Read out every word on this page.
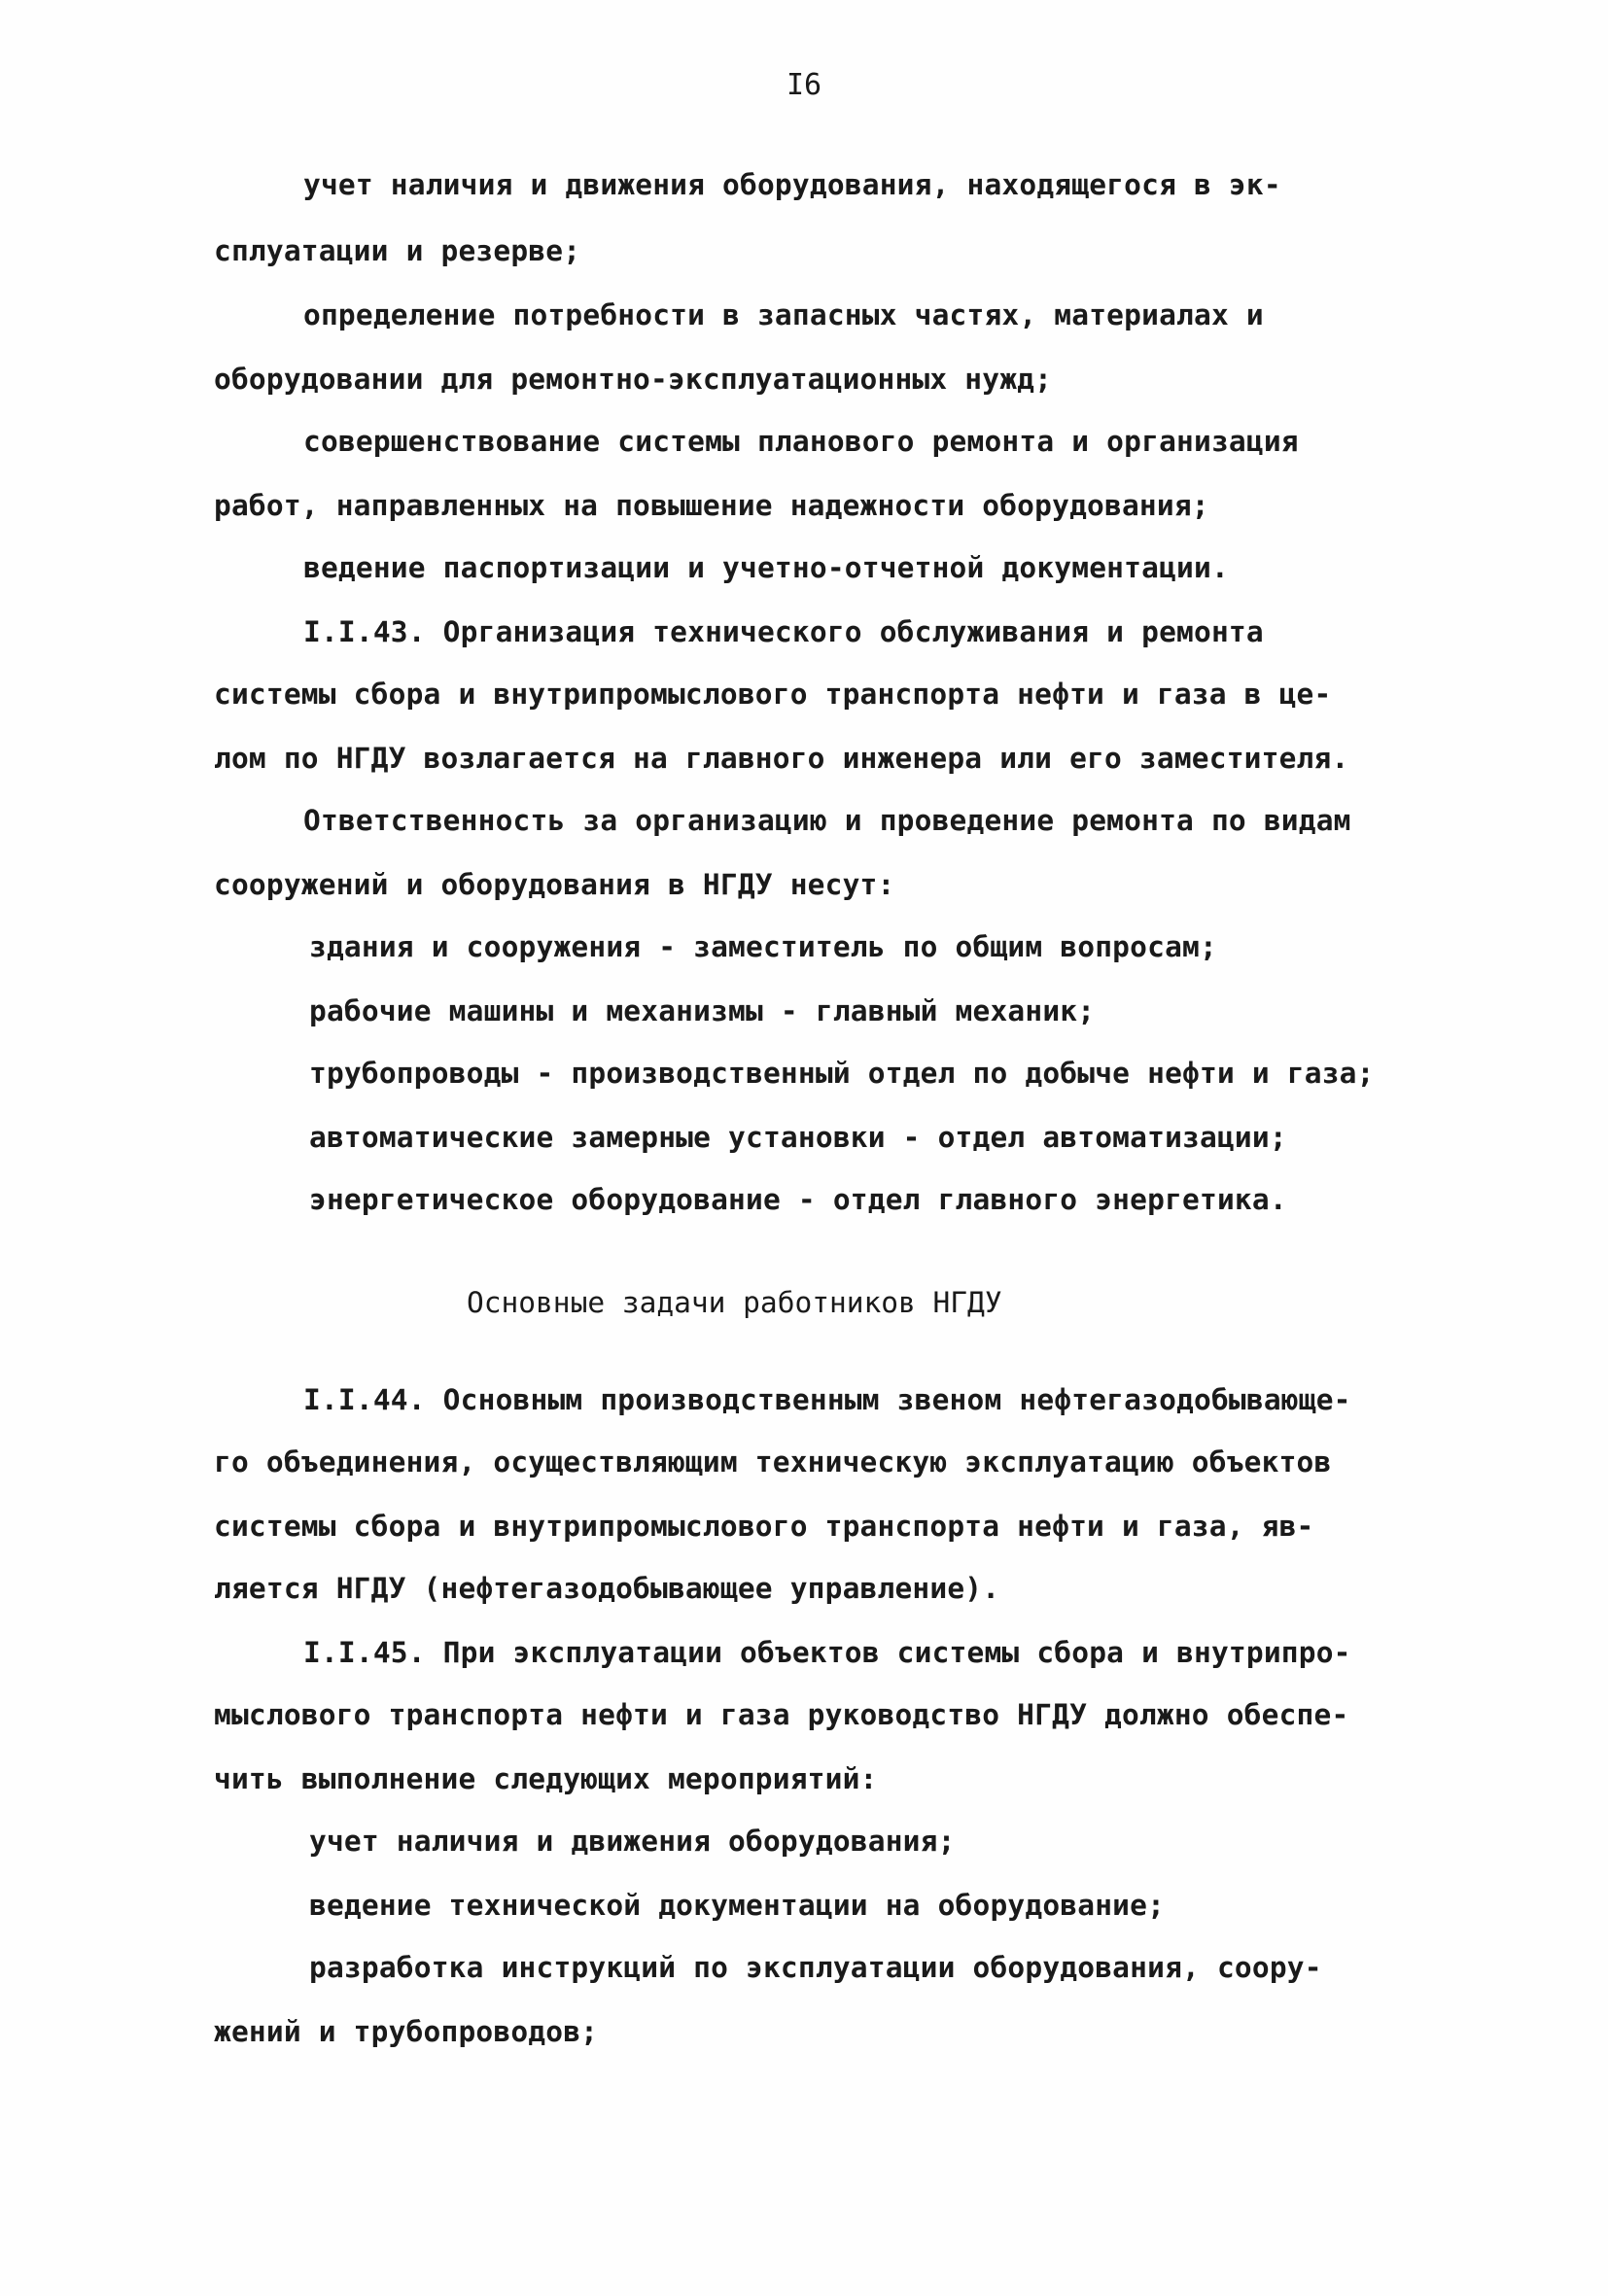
I6
учет наличия и движения оборудования, находящегося в эк-
сплуатации и резерве;
определение потребности в запасных частях, материалах и
оборудовании для ремонтно-эксплуатационных нужд;
совершенствование системы планового ремонта и организация
работ, направленных на повышение надежности оборудования;
ведение паспортизации и учетно-отчетной документации.
I.I.43. Организация технического обслуживания и ремонта
системы сбора и внутрипромыслового транспорта нефти и газа в це-
лом по НГДУ возлагается на главного инженера или его заместителя.
Ответственность за организацию и проведение ремонта по видам
сооружений и оборудования в НГДУ несут:
здания и сооружения - заместитель по общим вопросам;
рабочие машины и механизмы - главный механик;
трубопроводы - производственный отдел по добыче нефти и газа;
автоматические замерные установки - отдел автоматизации;
энергетическое оборудование - отдел главного энергетика.
Основные задачи работников НГДУ
I.I.44. Основным производственным звеном нефтегазодобывающе-
го объединения, осуществляющим техническую эксплуатацию объектов
системы сбора и внутрипромыслового транспорта нефти и газа, яв-
ляется НГДУ (нефтегазодобывающее управление).
I.I.45. При эксплуатации объектов системы сбора и внутрипро-
мыслового транспорта нефти и газа руководство НГДУ должно обеспе-
чить выполнение следующих мероприятий:
учет наличия и движения оборудования;
ведение технической документации на оборудование;
разработка инструкций по эксплуатации оборудования, соору-
жений и трубопроводов;
